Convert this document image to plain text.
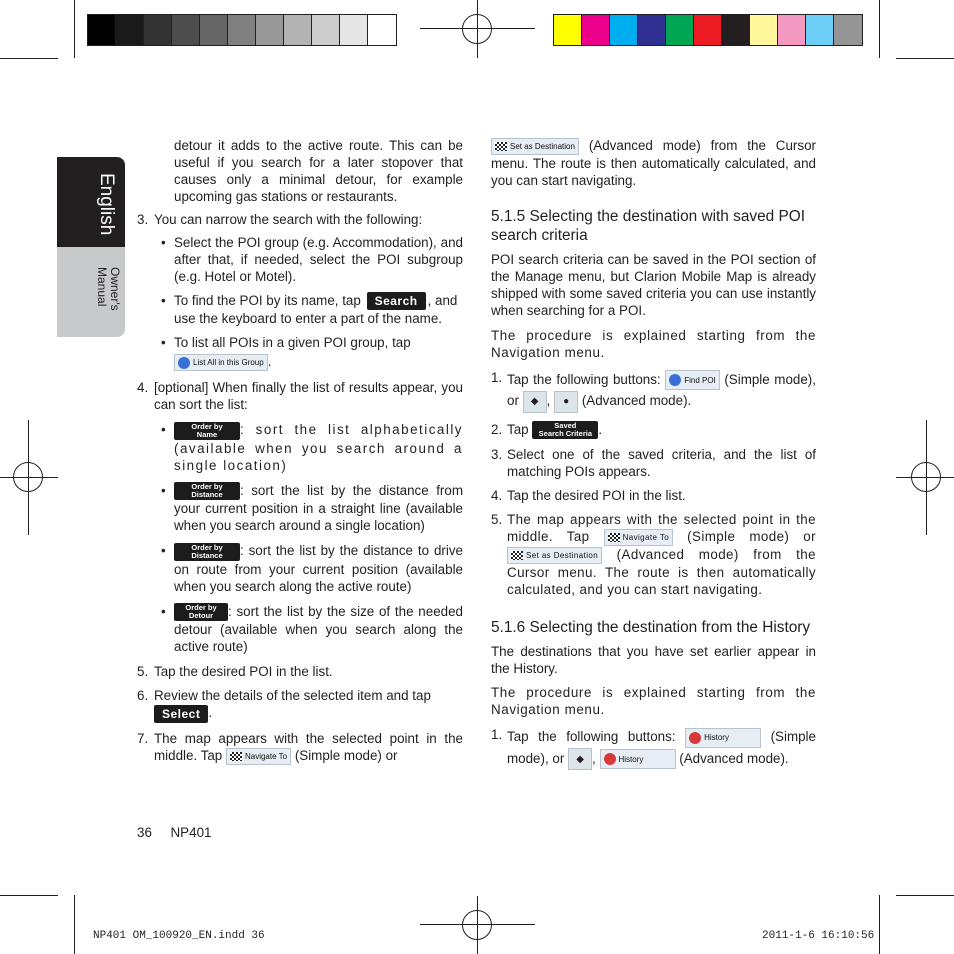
English
Owner's
Manual

detour it adds to the active route. This can be useful if you search for a later stopover that causes only a minimal detour, for example upcoming gas stations or restaurants.

3. You can narrow the search with the following:
• Select the POI group (e.g. Accommodation), and after that, if needed, select the POI subgroup (e.g. Hotel or Motel).

• To find the POI by its name, tap Search , and use the keyboard to enter a part of the name.
• To list all POIs in a given POI group, tap

List All in this Group .
4. [optional] When finally the list of results appear, you can sort the list:

•	Order by
Name : sort the list alphabetically (available when you search around a single location)

•	Order by
Distance : sort the list by the distance from your current position in a straight line (available when you search around a single location)

•	Order by
Distance : sort the list by the distance to drive on route from your current position (available when you search along the active route)

•	Order by
Detour : sort the list by the size of the needed detour (available when you search along the active route)

5. Tap the desired POI in the list.
6. Review the details of the selected item and tap

Select .
7. The map appears with the selected point in the middle. Tap	Navigate To (Simple mode) or

36 NP401

Set as Destination (Advanced mode) from the Cursor menu. The route is then automatically calculated, and you can start navigating.

5.1.5 Selecting the destination with saved POI search criteria

POI search criteria can be saved in the POI section of the Manage menu, but Clarion Mobile Map is already shipped with some saved criteria you can use instantly when searching for a POI.

The procedure is explained starting from the Navigation menu.

1. Tap the following buttons:	Find POI (Simple mode), or ◆ , ● (Advanced mode).

2. Tap	Saved
Search Criteria .
3. Select one of the saved criteria, and the list of matching POIs appears.

4. Tap the desired POI in the list.
5. The map appears with the selected point in the middle. Tap	Navigate To (Simple mode) or
Set as Destination (Advanced mode) from the Cursor menu. The route is then automatically calculated, and you can start navigating.

5.1.6 Selecting the destination from the History

The destinations that you have set earlier appear in the History.

The procedure is explained starting from the Navigation menu.

1. Tap the following buttons:	History	(Simple mode), or ◆ , History	(Advanced mode).

NP401 OM_100920_EN.indd 36	2011-1-6 16:10:56
